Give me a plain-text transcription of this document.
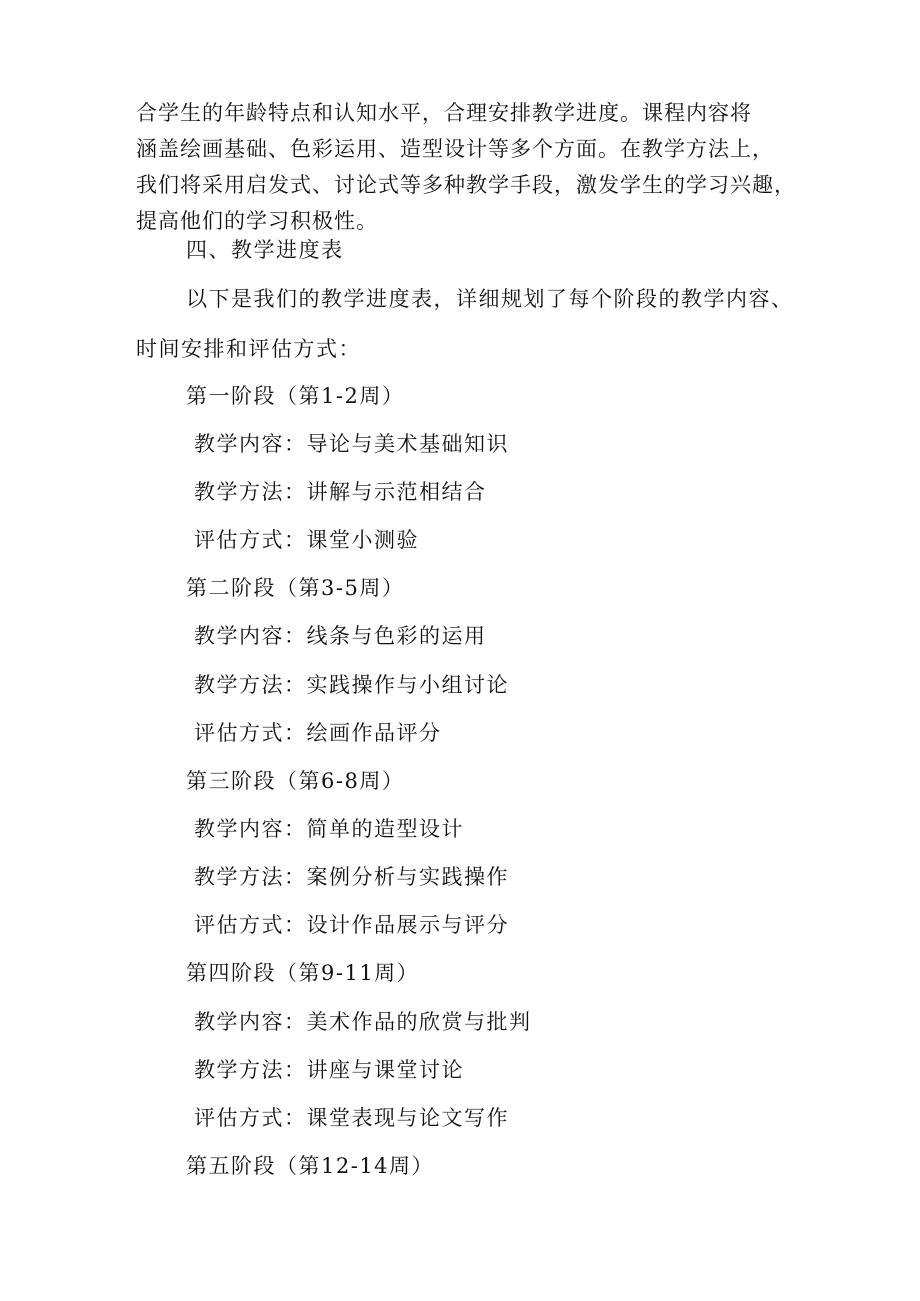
合学生的年龄特点和认知水平，合理安排教学进度。课程内容将

涵盖绘画基础、色彩运用、造型设计等多个方面。在教学方法上，

我们将采用启发式、讨论式等多种教学手段，激发学生的学习兴趣，

提高他们的学习积极性。

四、教学进度表
以下是我们的教学进度表，详细规划了每个阶段的教学内容、
时间安排和评估方式：
第一阶段（第1-2周）
教学内容：导论与美术基础知识
教学方法：讲解与示范相结合
评估方式：课堂小测验
第二阶段（第3-5周）
教学内容：线条与色彩的运用
教学方法：实践操作与小组讨论
评估方式：绘画作品评分
第三阶段（第6-8周）
教学内容：简单的造型设计
教学方法：案例分析与实践操作
评估方式：设计作品展示与评分
第四阶段（第9-11周）
教学内容：美术作品的欣赏与批判
教学方法：讲座与课堂讨论
评估方式：课堂表现与论文写作
第五阶段（第12-14周）
